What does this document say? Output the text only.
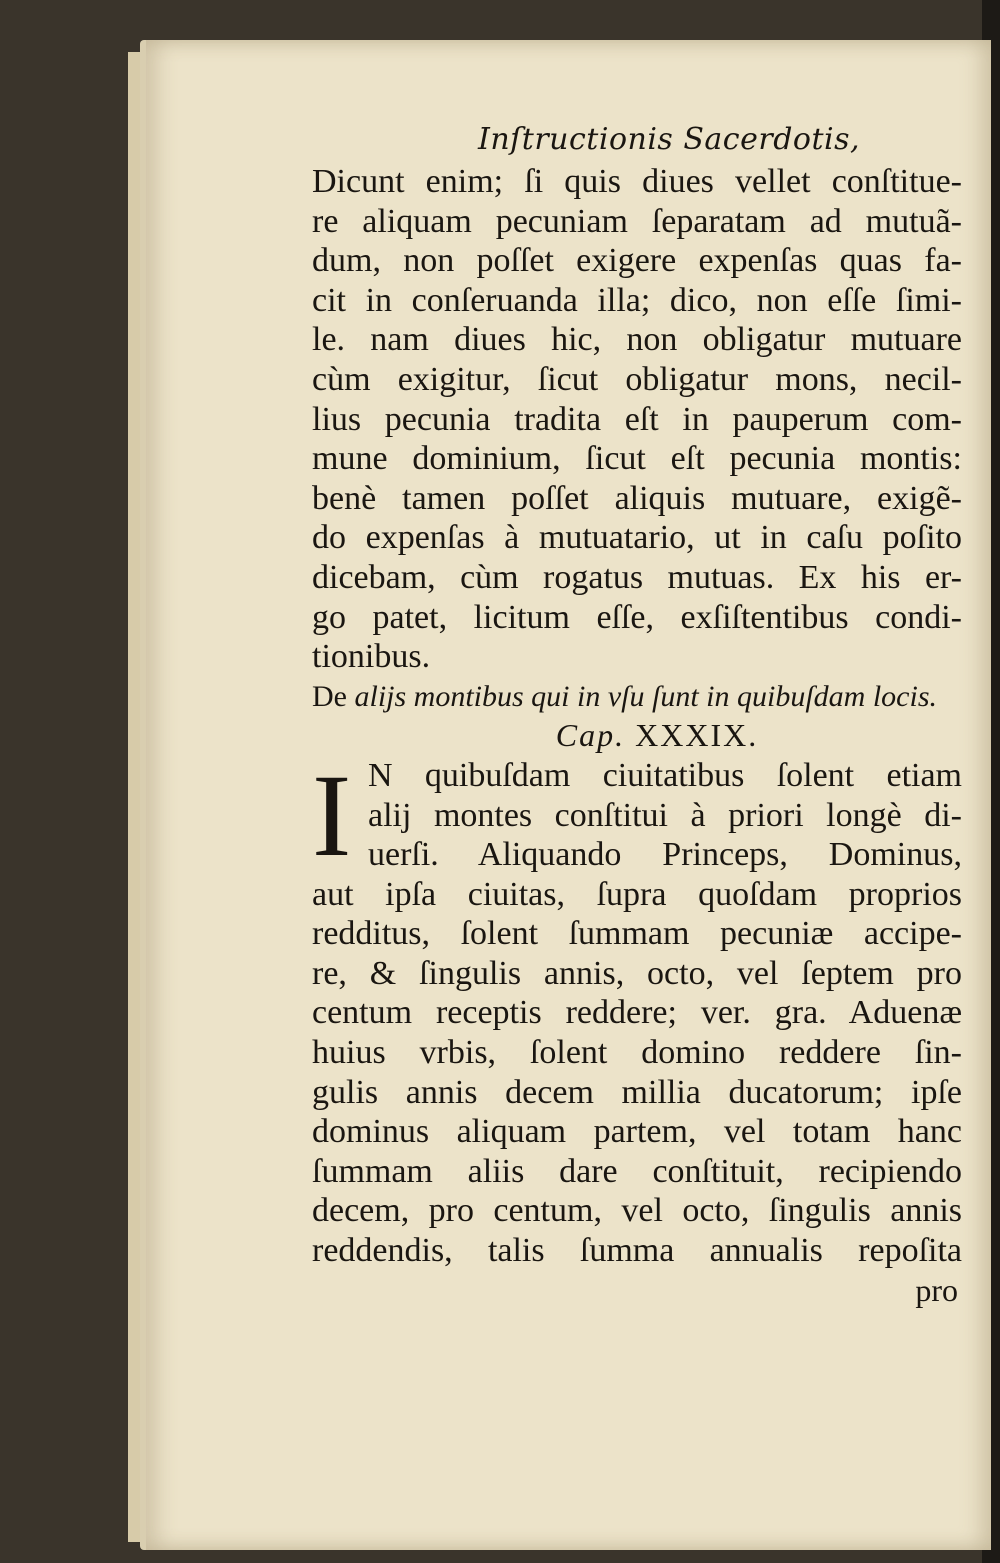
Inſtructionis Sacerdotis,
Dicunt enim; ſi quis diues vellet conſtitue-
re aliquam pecuniam ſeparatam ad mutuã-
dum, non poſſet exigere expenſas quas fa-
cit in conſeruanda illa; dico, non eſſe ſimi-
le. nam diues hic, non obligatur mutuare
cùm exigitur, ſicut obligatur mons, necil-
lius pecunia tradita eſt in pauperum com-
mune dominium, ſicut eſt pecunia montis:
benè tamen poſſet aliquis mutuare, exigẽ-
do expenſas à mutuatario, ut in caſu poſito
dicebam, cùm rogatus mutuas. Ex his er-
go patet, licitum eſſe, exſiſtentibus condi-
tionibus.
De alijs montibus qui in vſu ſunt in quibuſdam locis.
Cap. XXXIX.
I N quibuſdam ciuitatibus ſolent etiam
alij montes conſtitui à priori longè di-
uerſi. Aliquando Princeps, Dominus,
aut ipſa ciuitas, ſupra quoſdam proprios
redditus, ſolent ſummam pecuniæ accipe-
re, & ſingulis annis, octo, vel ſeptem pro
centum receptis reddere; ver. gra. Aduenæ
huius vrbis, ſolent domino reddere ſin-
gulis annis decem millia ducatorum; ipſe
dominus aliquam partem, vel totam hanc
ſummam aliis dare conſtituit, recipiendo
decem, pro centum, vel octo, ſingulis annis
reddendis, talis ſumma annualis repoſita
pro
